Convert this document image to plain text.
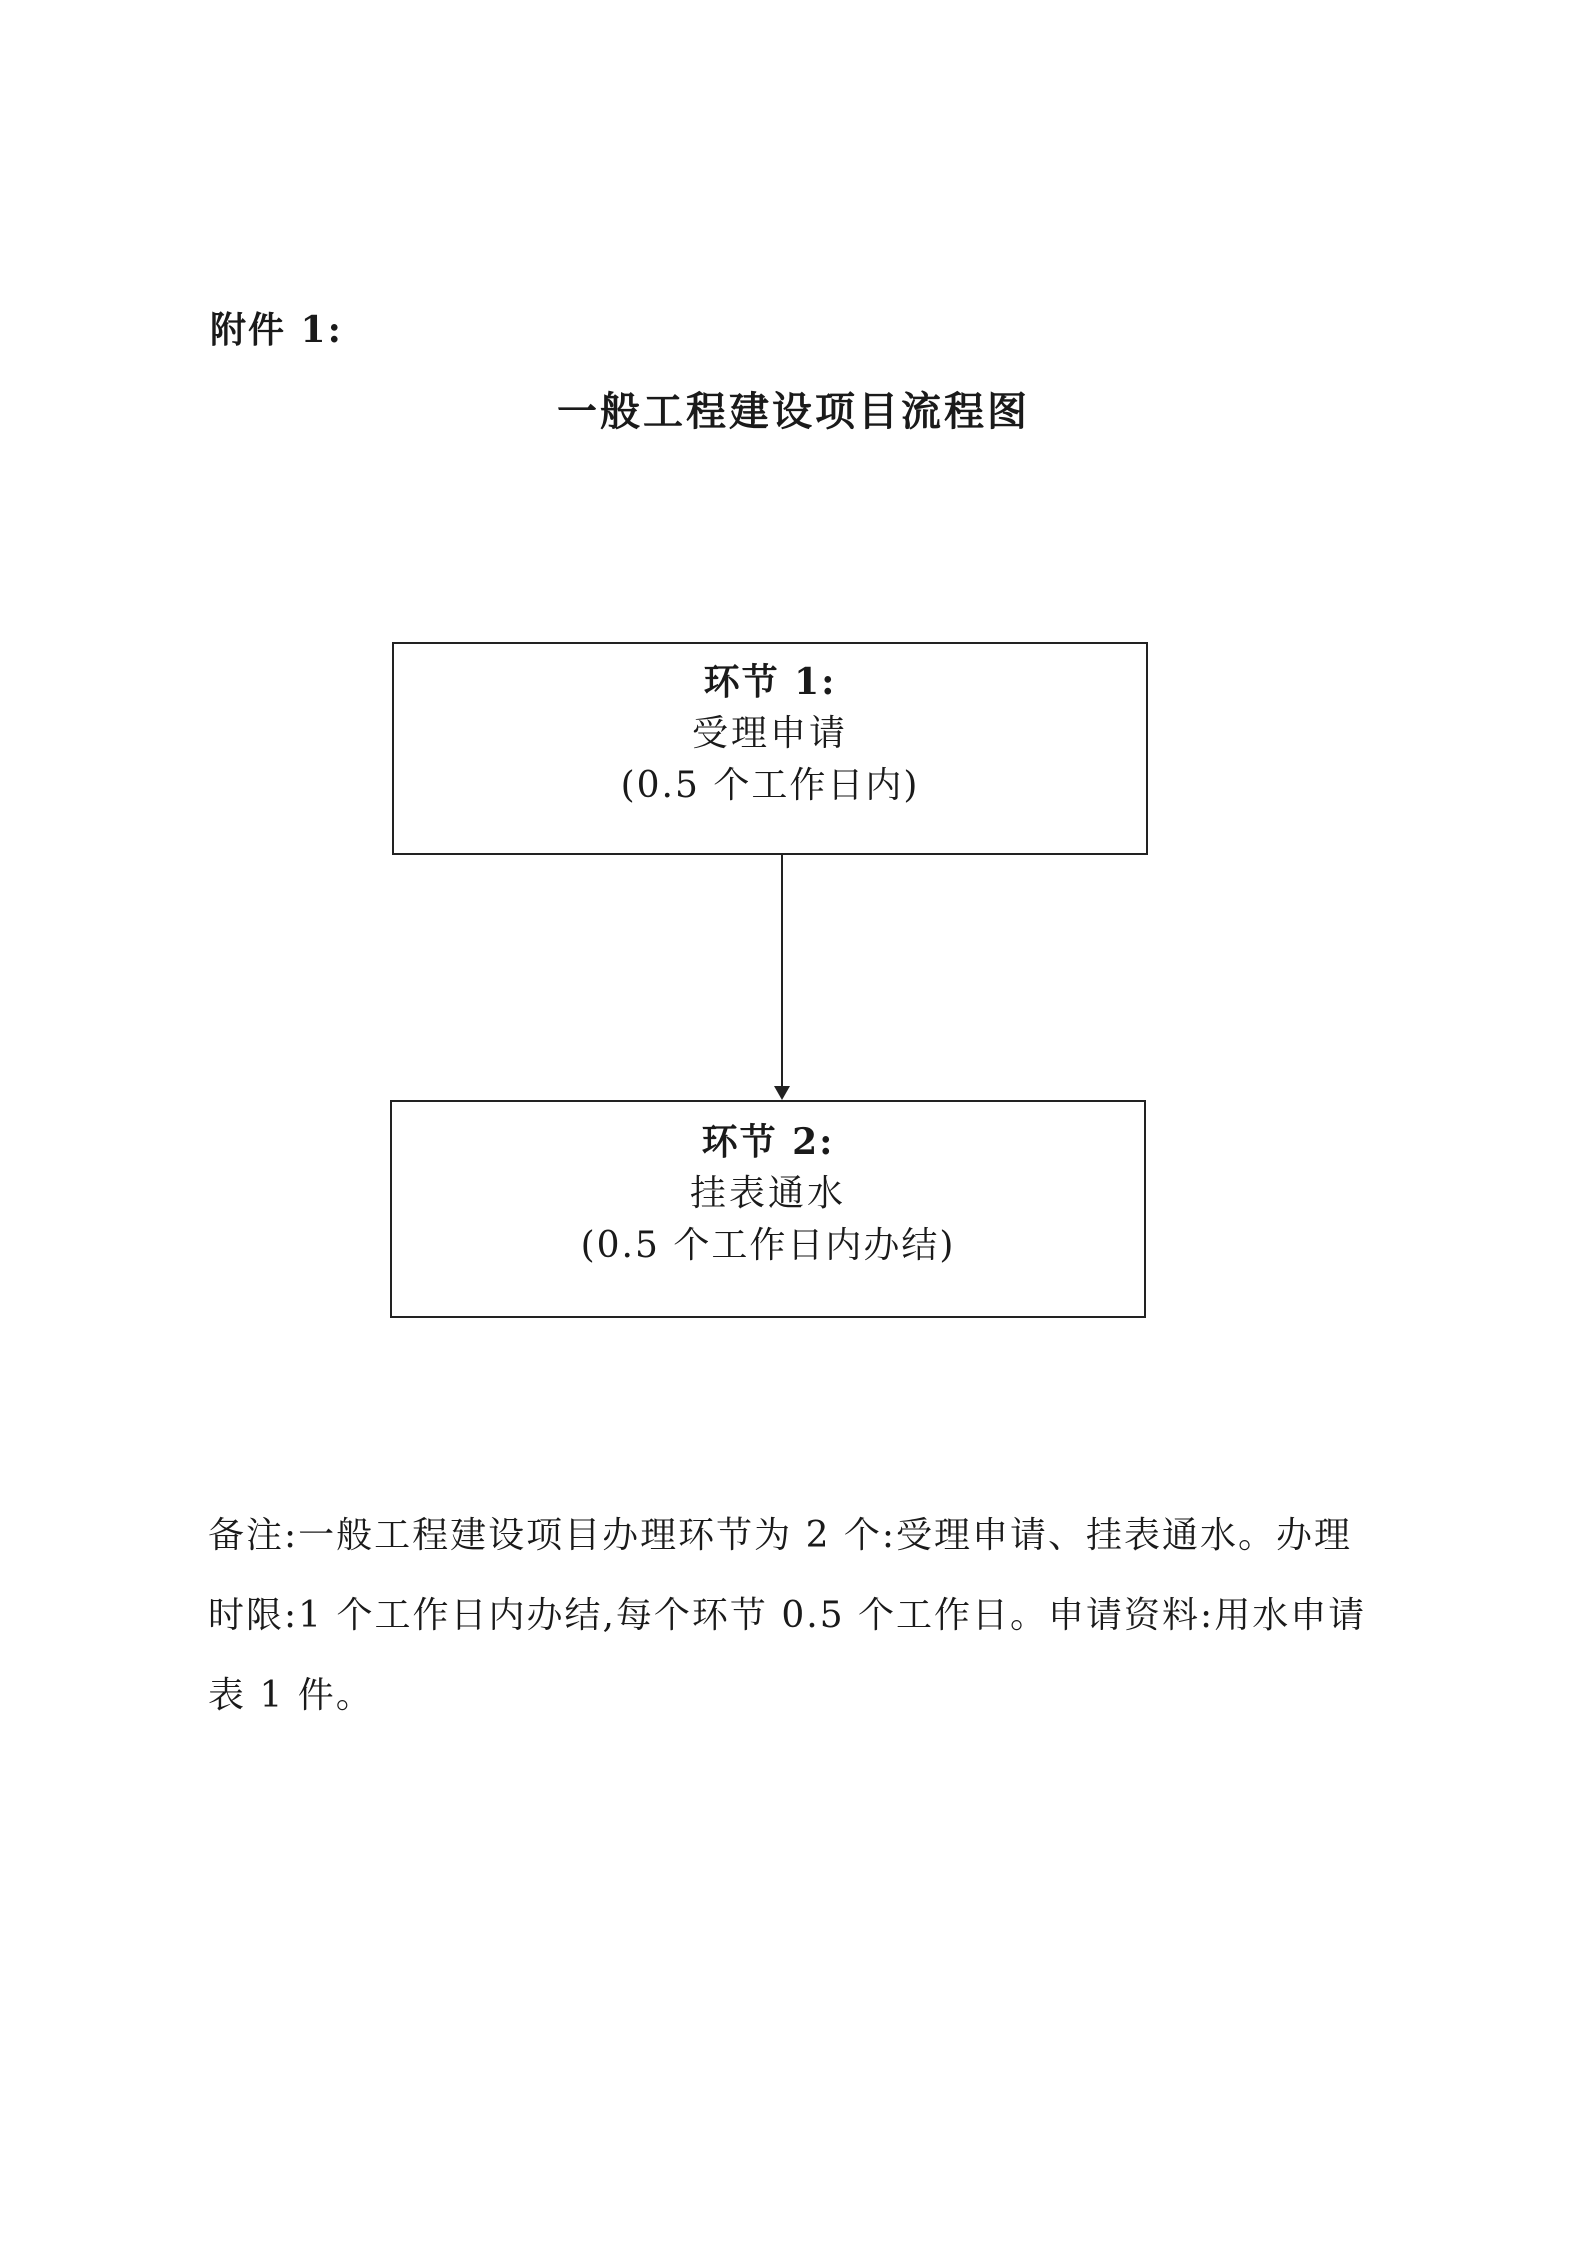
附件 1:
一般工程建设项目流程图
环节 1:
受理申请
(0.5 个工作日内)
环节 2:
挂表通水
(0.5 个工作日内办结)
备注:一般工程建设项目办理环节为 2 个:受理申请、挂表通水。办理时限:1 个工作日内办结,每个环节 0.5 个工作日。申请资料:用水申请表 1 件。
